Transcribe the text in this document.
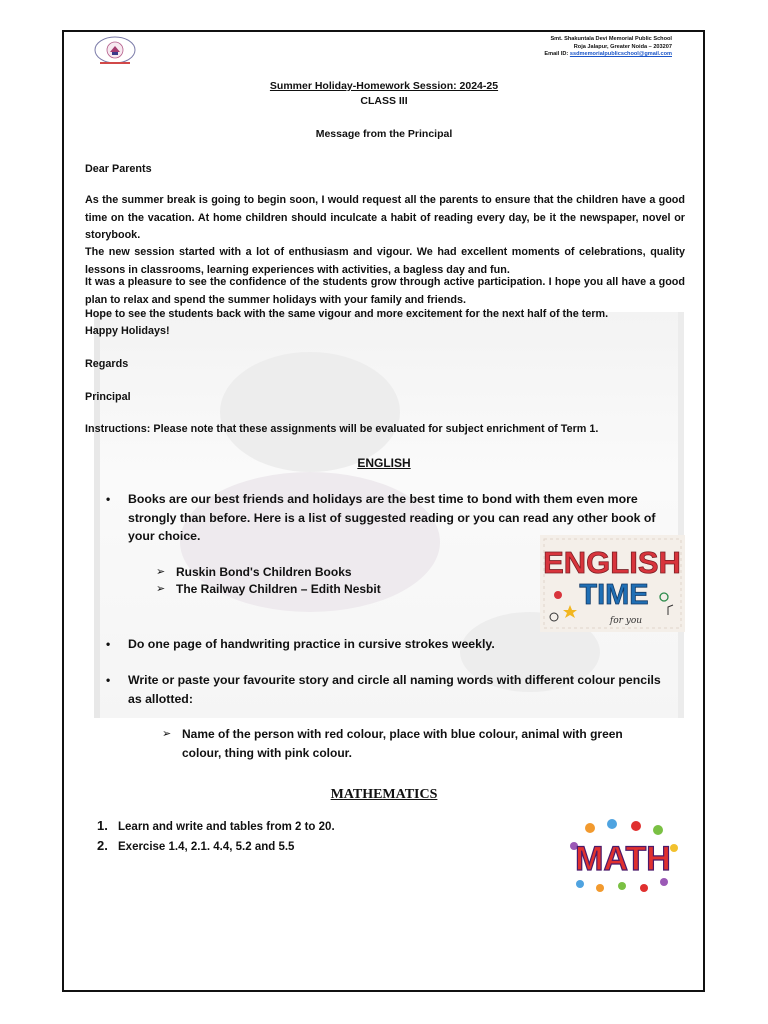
Smt. Shakuntala Devi Memorial Public School
Roja Jalapur, Greater Noida – 203207
Email ID: ssdmemorialpublicschool@gmail.com
Summer Holiday-Homework Session: 2024-25
CLASS III
Message from the Principal
Dear Parents
As the summer break is going to begin soon, I would request all the parents to ensure that the children have a good time on the vacation. At home children should inculcate a habit of reading every day, be it the newspaper, novel or storybook.
The new session started with a lot of enthusiasm and vigour. We had excellent moments of celebrations, quality lessons in classrooms, learning experiences with activities, a bagless day and fun.
It was a pleasure to see the confidence of the students grow through active participation. I hope you all have a good plan to relax and spend the summer holidays with your family and friends.
Hope to see the students back with the same vigour and more excitement for the next half of the term.
Happy Holidays!
Regards
Principal
Instructions: Please note that these assignments will be evaluated for subject enrichment of Term 1.
ENGLISH
• Books are our best friends and holidays are the best time to bond with them even more strongly than before. Here is a list of suggested reading or you can read any other book of your choice.
➢ Ruskin Bond's Children Books
➢ The Railway Children – Edith Nesbit
ENGLISH
TIME
for you
• Do one page of handwriting practice in cursive strokes weekly.
• Write or paste your favourite story and circle all naming words with different colour pencils as allotted:
➢ Name of the person with red colour, place with blue colour, animal with green colour, thing with pink colour.
MATHEMATICS
1. Learn and write and tables from 2 to 20.
2. Exercise 1.4, 2.1. 4.4, 5.2 and 5.5	MATH
